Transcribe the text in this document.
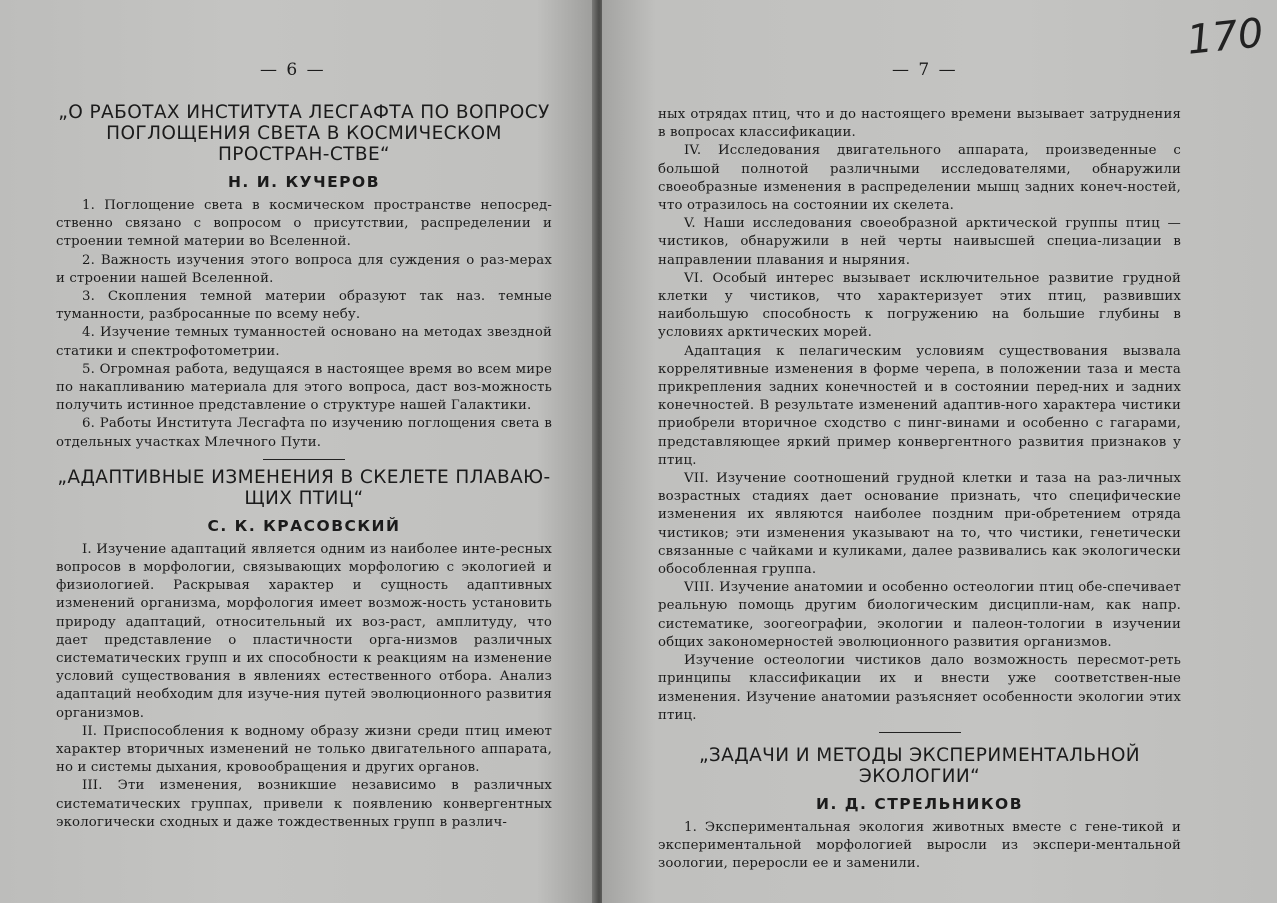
— 6 —
„О РАБОТАХ ИНСТИТУТА ЛЕСГАФТА ПО ВОПРОСУ ПОГЛОЩЕНИЯ СВЕТА В КОСМИЧЕСКОМ ПРОСТРАН-СТВЕ“
Н. И. КУЧЕРОВ

1. Поглощение света в космическом пространстве непосред-ственно связано с вопросом о присутствии, распределении и строении темной материи во Вселенной.

2. Важность изучения этого вопроса для суждения о раз-мерах и строении нашей Вселенной.

3. Скопления темной материи образуют так наз. темные туманности, разбросанные по всему небу.

4. Изучение темных туманностей основано на методах звездной статики и спектрофотометрии.

5. Огромная работа, ведущаяся в настоящее время во всем мире по накапливанию материала для этого вопроса, даст воз-можность получить истинное представление о структуре нашей Галактики.

6. Работы Института Лесгафта по изучению поглощения света в отдельных участках Млечного Пути.

„АДАПТИВНЫЕ ИЗМЕНЕНИЯ В СКЕЛЕТЕ ПЛАВАЮ-ЩИХ ПТИЦ“
С. К. КРАСОВСКИЙ

I. Изучение адаптаций является одним из наиболее инте-ресных вопросов в морфологии, связывающих морфологию с экологией и физиологией. Раскрывая характер и сущность адаптивных изменений организма, морфология имеет возмож-ность установить природу адаптаций, относительный их воз-раст, амплитуду, что дает представление о пластичности орга-низмов различных систематических групп и их способности к реакциям на изменение условий существования в явлениях естественного отбора. Анализ адаптаций необходим для изуче-ния путей эволюционного развития организмов.

II. Приспособления к водному образу жизни среди птиц имеют характер вторичных изменений не только двигательного аппарата, но и системы дыхания, кровообращения и других органов.

III. Эти изменения, возникшие независимо в различных систематических группах, привели к появлению конвергентных экологически сходных и даже тождественных групп в различ-

— 7 —
170

ных отрядах птиц, что и до настоящего времени вызывает затруднения в вопросах классификации.

IV. Исследования двигательного аппарата, произведенные с большой полнотой различными исследователями, обнаружили своеобразные изменения в распределении мышц задних конеч-ностей, что отразилось на состоянии их скелета.

V. Наши исследования своеобразной арктической группы птиц — чистиков, обнаружили в ней черты наивысшей специа-лизации в направлении плавания и ныряния.

VI. Особый интерес вызывает исключительное развитие грудной клетки у чистиков, что характеризует этих птиц, развивших наибольшую способность к погружению на большие глубины в условиях арктических морей.

Адаптация к пелагическим условиям существования вызвала коррелятивные изменения в форме черепа, в положении таза и места прикрепления задних конечностей и в состоянии перед-них и задних конечностей. В результате изменений адаптив-ного характера чистики приобрели вторичное сходство с пинг-винами и особенно с гагарами, представляющее яркий пример конвергентного развития признаков у птиц.

VII. Изучение соотношений грудной клетки и таза на раз-личных возрастных стадиях дает основание признать, что специфические изменения их являются наиболее поздним при-обретением отряда чистиков; эти изменения указывают на то, что чистики, генетически связанные с чайками и куликами, далее развивались как экологически обособленная группа.

VIII. Изучение анатомии и особенно остеологии птиц обе-спечивает реальную помощь другим биологическим дисципли-нам, как напр. систематике, зоогеографии, экологии и палеон-тологии в изучении общих закономерностей эволюционного развития организмов.

Изучение остеологии чистиков дало возможность пересмот-реть принципы классификации их и внести уже соответствен-ные изменения. Изучение анатомии разъясняет особенности экологии этих птиц.

„ЗАДАЧИ И МЕТОДЫ ЭКСПЕРИМЕНТАЛЬНОЙ ЭКОЛОГИИ“
И. Д. СТРЕЛЬНИКОВ

1. Экспериментальная экология животных вместе с гене-тикой и экспериментальной морфологией выросли из экспери-ментальной зоологии, переросли ее и заменили.
